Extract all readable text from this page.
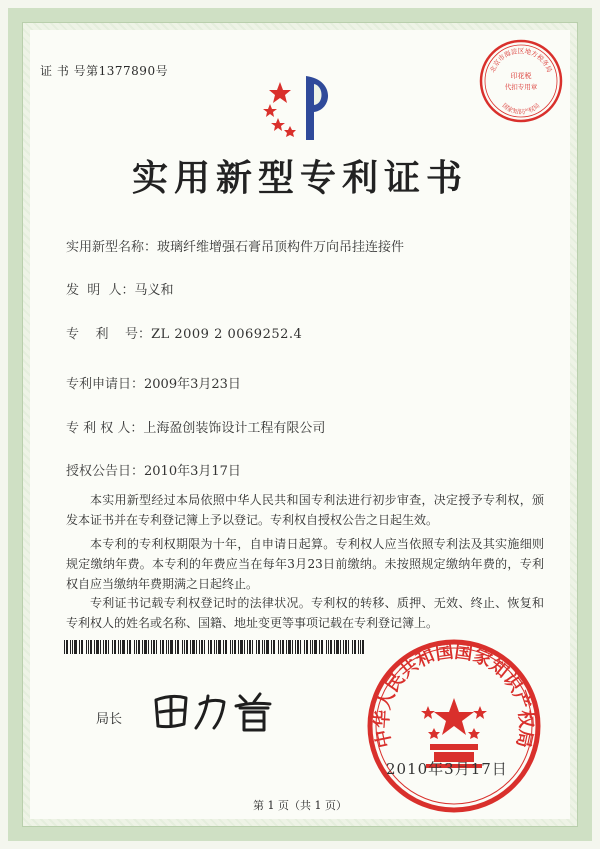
证 书 号第1377890号	北京市海淀区地方税务局
印花税
代扣专用章
国家知识产权局
实用新型专利证书
实用新型名称：玻璃纤维增强石膏吊顶构件万向吊挂连接件
发  明  人：马义和
专    利    号：ZL 2009 2 0069252.4
专利申请日：2009年3月23日
专 利 权 人：上海盈创装饰设计工程有限公司
授权公告日：2010年3月17日
本实用新型经过本局依照中华人民共和国专利法进行初步审查，决定授予专利权，颁发本证书并在专利登记簿上予以登记。专利权自授权公告之日起生效。
本专利的专利权期限为十年，自申请日起算。专利权人应当依照专利法及其实施细则规定缴纳年费。本专利的年费应当在每年3月23日前缴纳。未按照规定缴纳年费的，专利权自应当缴纳年费期满之日起终止。
专利证书记载专利权登记时的法律状况。专利权的转移、质押、无效、终止、恢复和专利权人的姓名或名称、国籍、地址变更等事项记载在专利登记簿上。
局长
中华人民共和国国家知识产权局
2010年3月17日
第 1 页（共 1 页）
